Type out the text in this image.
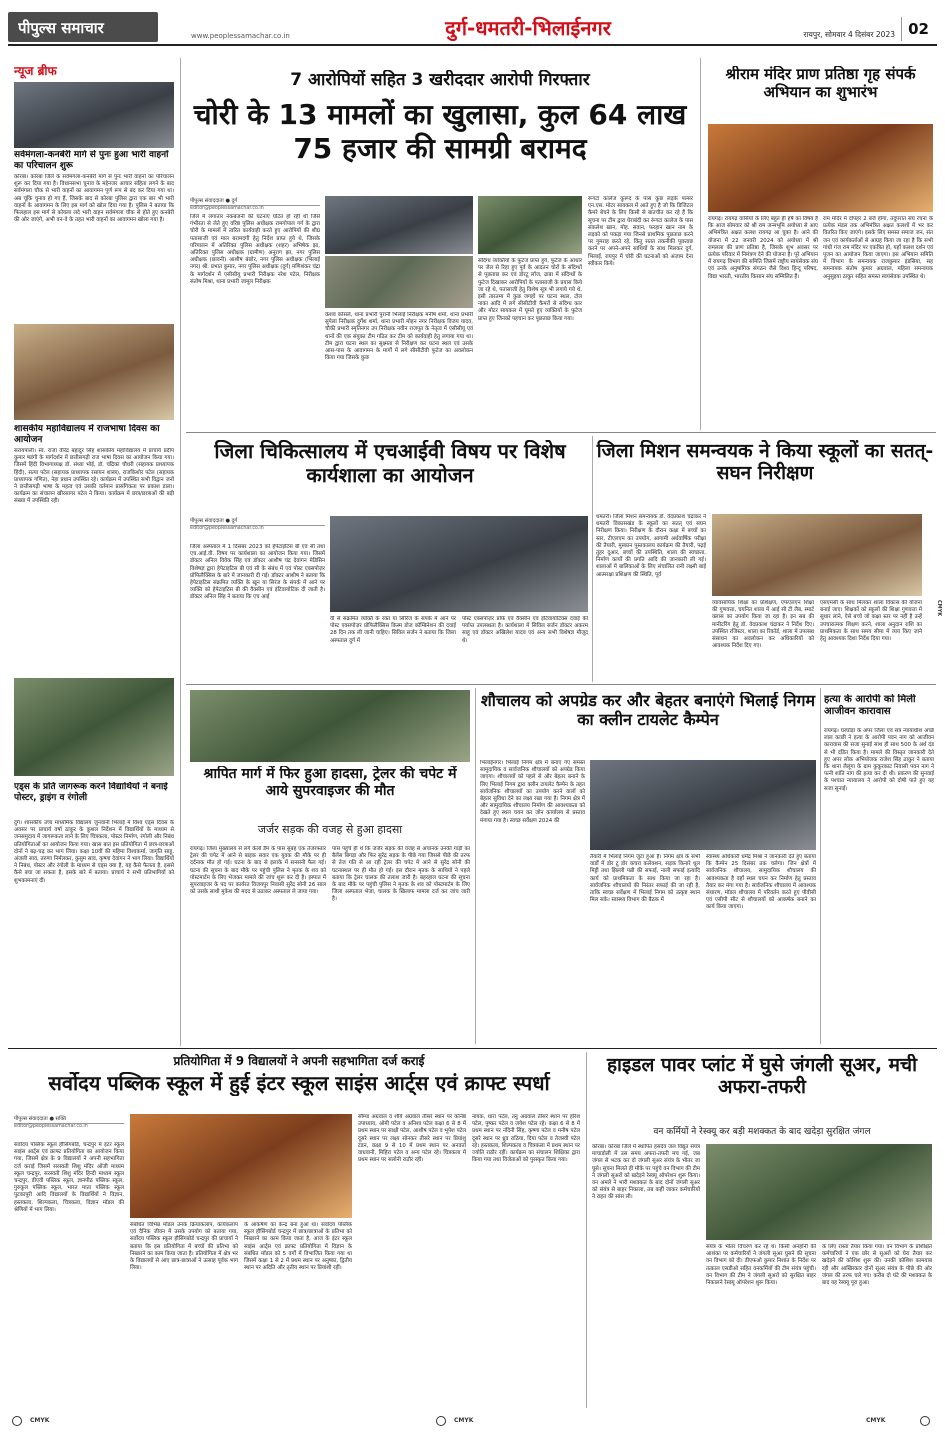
पीपुल्स समाचार	www.peoplessamachar.co.in	दुर्ग-धमतरी-भिलाईनगर	रायपुर, सोमवार 4 दिसंबर 2023 02
न्यूज ब्रीफ
सर्वमंगला-कनबेरी मार्ग से पुनः हुआ भारी वाहनों का परिचालन शुरू
कोरबा। कोरबा जिले के सर्वमंगला-कनबेरी मार्ग से पुनः भारी वाहनों का परिचालन शुरू कर दिया गया है। विधानसभा चुनाव के मद्देनजर आचार संहिता लगने के बाद सर्वमंगला चौक से भारी वाहनों का आवागमन पूर्ण रूप से बंद कर दिया गया था। अब चूंकि चुनाव हो गए हैं, जिसके बाद से कोरबा पुलिस द्वारा एक बार भी भारी वाहनों के आवागमन के लिए इस मार्ग को खोल दिया गया है। पुलिस ने बताया कि फिलहाल इस मार्ग से कोयला लदे भारी वाहन सर्वमंगला चौक से होते हुए कनबेरी की ओर जाएंगे, अभी वन-वे के तहत भारी वाहनों का आवागमन खोला गया है।
शासकीय महाविद्यालय में राजभाषा दिवस का आयोजन
सरायपाली। स्व. राजा वीरेंद्र बहादुर सिंह शासकीय महाविद्यालय में प्राचार्य प्रदीप कुमार षडंगी के मार्गदर्शन में छत्तीसगढ़ी राज भाषा दिवस का आयोजन किया गया। जिसमें हिंदी विभागाध्यक्ष डॉ. संध्या भोई, डॉ. चंद्रिका चौधरी (सहायक प्राध्यापक हिंदी), सत्या पटेल (सहायक प्राध्यापक रसायन शास्त्र), राजकिशोर पटेल (सहायक प्राध्यापक गणित), नेहा प्रधान उपस्थित रहे। कार्यक्रम में उपस्थित सभी विद्वान जनों ने छत्तीसगढ़ी भाषा के महत्व एवं उसकी वर्तमान प्रासंगिकता पर प्रकाश डाला। कार्यक्रम का संचालन खीरसागर पटेल ने किया। कार्यक्रम में छात्र/छात्राओं की बड़ी संख्या में उपस्थिति रही।
एड्स के प्रति जागरूक करने विद्यार्थियों ने बनाई पोस्टर, ड्राइंग व रंगोली
दुर्ग। शासकीय उच्च माध्यमिक विद्यालय जुनवानी भिलाई में विश्व एड्स दिवस के अवसर पर प्राचार्य वर्षा ठाकुर के कुशल निर्देशन में विद्यार्थियों के माध्यम से जनसमुदाय में जागरूकता लाने के लिए चित्रकला, पोस्टर निर्माण, रंगोली और निबंध प्रतियोगिताओं का आयोजन किया गया। खास बात इस प्रतियोगिता में छात्र-छात्राओं दोनों ने बढ़-चढ़ कर भाग लिया। कक्षा 10वीं की महिमा विश्वकर्मा, जागृति साहू, अंजली साव, तरुणा निर्मलकर, कुसुम साव, कृष्णा देवांगन ने भाग लिया। विद्यार्थियों ने निबंध, पोस्टर और रंगोली के माध्यम से एड्स क्या है, यह कैसे फैलता है, इससे कैसे बचा जा सकता है, इसके बारे में बताया। प्राचार्य ने सभी प्रतिभागियों को शुभकामनाएं दीं।
7 आरोपियों सहित 3 खरीददार आरोपी गिरफ्तार
चोरी के 13 मामलों का खुलासा, कुल 64 लाख 75 हजार की सामग्री बरामद
पीपुल्स संवाददाता ● दुर्ग
editor@peoplessamachar.co.in
जिले में लगातार नकबजनी की घटनाएं घटित हो रही थी जिसे गंभीरता से लेते हुए वरिष्ठ पुलिस अधीक्षक रामगोपाल गर्ग के द्वारा चोरी के मामलों में त्वरित कार्यवाही करते हुए आरोपियों की शीघ्र पतासाजी एवं माल बरामदगी हेतु निर्देश प्राप्त हुये थे, जिसके परिपालन में अतिरिक्त पुलिस अधीक्षक (शहर) अभिषेक झा, अतिरिक्त पुलिस अधीक्षक (ग्रामीण) अनुराग झा, नगर पुलिस अधीक्षक (छावनी) आशीष बंछोर, नगर पुलिस अधीक्षक (भिलाई नगर) श्री. प्रभात कुमार, नगर पुलिस अधीक्षक (दुर्ग) मणिशंकर चंद्रा के मार्गदर्शन में एसीसीयू प्रभारी निरीक्षक नरेश पटेल, निरीक्षक संतोष मिश्रा, थाना प्रभारी जामुल निरीक्षक
केशव कोसले, थाना प्रभारी पुरानी भिलाई निरीक्षक मनीष शर्मा, थाना प्रभारी सुपेला निरीक्षक दुर्गेश शर्मा, थाना प्रभारी मोहन नगर निरीक्षक विजय यादव, चौकी प्रभारी स्मृतिनगर उप निरीक्षक नवीन राजपूत के नेतृत्व में एसीसीयू एवं थानों की एक संयुक्त टीम गठित कर टीम को कार्यवाही हेतु लगाया गया था। टीम द्वारा घटना स्थल का सूक्ष्मता से निरीक्षण कर घटना स्थल एवं उसके आस-पास के आवागमन के मार्गों में लगे सीसीटीवी फुटेज का अवलोकन किया गया जिसके कुछ
संदिग्ध व्यक्तियों के फुटेज प्राप्त हुये, फुटेज के आधार पर जेल से रिहा हुए पूर्व के आदतन चोरों के संदिग्धों से पूछताछ कर एवं डोरटू लॉज, ढाबा में संदिग्धों के फुटेज दिखाकर आरोपियों के पतासाजी के प्रयास किये जा रहे थे, पतासाजी हेतु विशेष सूत्र भी लगाये गये थे, इसी तारतम्य में कुछ जगहों पर घटना स्थल, टोल नाका आदि में लगे सीसीटीवी कैमरों से संदिग्ध कार और मोटर सायकल में घूमते हुए व्यक्तियों के फुटेज प्राप्त हुए जिनको पहचान कर पूछताछ किया गया।
रूंगटा कालेज कुरूद के पास कुछ लड़के पल्सर एन.एस. मोटर सायकल में आते हुए है जो कि डिजिटल कैमरे बेचने के लिए किसी से बातचीत कर रहे हैं कि सूचना पर टीम द्वारा घेराबंदी कर रूंगटा कालेज के पास संकलेश खान, मोह. सवान, फरहान खान नाम के लड़को को पकड़ा गया जिनसे प्राथमिक पूछताछ करने पर गुमराह करते रहे, किंतु सतत तकनीकी पूछताछ करने पर अपने-अपने साथियों के साथ मिलकर दुर्ग, भिलाई, रायपुर में चोरी की घटनाओं को अंजाम देना स्वीकार किये।
श्रीराम मंदिर प्राण प्रतिष्ठा गृह संपर्क अभियान का शुभारंभ
रायगढ़। रायगढ़ वासियों के लिए बहुत ही हर्ष का विषय है कि आज सोमवार को श्री राम जन्मभूमि अयोध्या से आए अभिमंत्रित अक्षत कलश रायगढ़ आ चुका है। आने की योजना में 22 जनवरी 2024 को अयोध्या में श्री रामलला की प्राण प्रतिष्ठा है, जिसके शुभ अवसर पर प्रत्येक परिवार में निमंत्रण देने की योजना है। पूरे अभियान में रायगढ़ विभाग की समिति जिसमें राष्ट्रीय स्वयंसेवक संघ एवं उनके अनुषांगिक संगठन जैसे विश्व हिन्दू परिषद, विद्या भारती, भारतीय किसान संघ सम्मिलित हैं।
राम मंदिर में दोपहर 2 बजे होगा, तदुपरांत संघ रचना के प्रत्येक मंडल तक अभिमंत्रित अक्षत कलशों में भर कर वितरित किए जाएंगे। इसके लिए समस्त समाज जन, संत जन एवं कार्यकर्ताओं से आग्रह किया जा रहा है कि सभी गांधी गंज राम मंदिर पर एकत्रित हो, यहाँ कलश दर्शन एवं पूजन का आयोजन किया जाएगा। इस अभियान समिति में विभाग के समन्वयक राजकुमार इंडसिया, सह समन्वयक संतोष कुमार अग्रवाल, महिला समन्वयक अनुसुइया ठाकुर सहित समस्त स्वयंसेवक उपस्थित थे।
जिला चिकित्सालय में एचआईवी विषय पर विशेष कार्यशाला का आयोजन
पीपुल्स संवाददाता ● दुर्ग
editor@peoplessamachar.co.in
जिला अस्पताल में 1 दिसंबर 2023 को हेपेटाइटिस बी एवं सी तथा एच.आई.वी. विषय पर कार्यशाला का आयोजन किया गया। जिसमें डॉक्टर अनिल विवेक सिंह एवं डॉक्टर आशीष चंद्र देवांगन मेडिसिन विशेषज्ञ द्वारा हेपेटाइटिस बी एवं सी के संबंध में एवं पोस्ट एक्सपोज़र प्रोफिलैक्सिस के बारे में जानकारी दी गई। डॉक्टर आशीष ने बताया कि हेपेटाइटिस संक्रमित व्यक्ति के खून या सिरंज के संपर्क में आने पर व्यक्ति को हेपेटाइटिस बी की वैक्सीन एवं इंटिवायोटिक दी जाती है। डॉक्टर अनिल सिंह ने बताया कि एच आई
वी से संक्रमित व्यक्ति के रक्त या सिरिंज के संपर्क में आने पर पोस्ट एक्सपोज़र प्रोफिलैक्सिस किस्म डोज कॉम्बिनेशन की दवाई 28 दिन तक ली जानी चाहिए। सिविल सर्जन ने बताया कि जिला अस्पताल दुर्ग में
पोस्ट एक्सपोज़र प्रोफ़े एवं वैक्सीन एवं इंटिवायोटिक्स दवाई की पर्याप्त उपलब्धता है। कार्यशाला में सिविल सर्जन डॉक्टर अकरम साहू एवं डॉक्टर अखिलेश यादव एवं अन्य सभी विशेषज्ञ मौजूद थे।
जिला मिशन समन्वयक ने किया स्कूलों का सतत्- सघन निरीक्षण
धमतरी। जिला मिशन समन्वयक डॉ. वेदप्रकाश चंद्राकर ने धमतरी विकासखंड के स्कूलों का सतत् एवं सघन निरीक्षण किया। निरीक्षण के दौरान कक्षा में बच्चों का स्तर, टीएलएम का उपयोग, आगामी अर्धवार्षिक परीक्षा की तैयारी, मुस्कान पुस्तकालय कार्यक्रम की तैयारी, पढ़ई तुंहर दुआर, बच्चों की उपस्थिति, शाला की स्वच्छता, निर्माण कार्यों की प्रगति आदि की जानकारी ली गई। शालाओं में बालिकाओं के लिए संचालित रानी लक्ष्मी बाई आत्मरक्षा प्रशिक्षण की स्थिति, पूर्व
व्यावसायिक शिक्षा का प्रशिक्षण, एफएलएन शिक्षा की गुणवत्ता, चयनित शाला में आई सी टी लैब, स्मार्ट क्लास का उपयोग किया जा रहा है। इन सब की मानीटरिंग हेतु डॉ. वेदप्रकाश चंद्राकर ने निर्देश दिए। उपस्थित रजिस्टर, शाला का रिकॉर्ड, शाला में उपलब्ध संसाधन का अवलोकन कर अधिकारियों को आवश्यक निर्देश दिए गए।
एसएमसी के साथ मिलकर शाला विकास की योजना बनाई जाए। शिक्षकों को स्कूलों की शिक्षा गुणवत्ता में सुधार लाने, ऐसे बच्चे जो कक्षा स्तर पर नहीं है उन्हें उपचारात्मक शिक्षण करने, शाला अनुदान राशि का प्राथमिकता के साथ समय सीमा में व्यय किए जाने हेतु आवश्यक दिशा निर्देश दिया गया।
CMYK
श्रापित मार्ग में फिर हुआ हादसा, ट्रेलर की चपेट में आये सुपरवाइजर की मौत
जर्जर सड़क की वजह से हुआ हादसा
रायगढ़। जिला मुख्यालय से लगे केलो डैम के पास सुबह एक तेजरफ्तार ट्रेलर की चपेट में आने से बाइक सवार एक युवक की मौके पर ही दर्दनाक मौत हो गई। घटना के बाद से इलाके में सनसनी फैल गई। घटना की सूचना के बाद मौके पर पहुंची पुलिस ने मृतक के शव को पोस्टमार्टम के लिए भेजकर मामले की जांच शुरू कर दी है। इस्पात में सुपरवाइजर के पद पर कार्यरत विजयपुर निवासी सुरेंद्र सोनी 26 साल को उसके साथी मुकेश की मदद से उठाकर अस्पताल ले जाया गया।
पास पहुंचे ही थे कि जर्जर सड़क की वजह से अचानक उनकी गाड़ी का बैलेंस बिगड़ा और फिर सुरेंद्र सड़क के पीछे गया जिससे पीछे की तरफ से तेज गति से आ रही ट्रेलर की चपेट में आने से सुरेंद्र सोनी की घटनास्थल पर ही मौत हो गई। इस दौरान मृतक के साथियों ने पहले बताया कि ट्रेलर चालक की तलाश जारी है। बहरहाल घटना की सूचना के बाद मौके पर पहुंची पुलिस ने मृतक के शव को पोस्टमार्टम के लिए जिला अस्पताल भेजा, चालक के खिलाफ मामला दर्ज कर जांच जारी है।
शौचालय को अपग्रेड कर और बेहतर बनाएंगे भिलाई निगम का क्लीन टायलेट कैम्पेन
भिलाईनगर। भिलाई निगम क्षेत्र में बनाए गए समस्त सामुदायिक व सार्वजनिक शौचालयों को अपग्रेड किया जाएगा। शौचालयों को पहले से और बेहतर बनाने के लिए भिलाई निगम द्वारा क्लीन टायलेट कैम्पेन के तहत सार्वजनिक शौचालयों का उपयोग करने वालों को बेहतर सुविधा देने का लक्ष्य रखा गया है। निगम क्षेत्र में और सामुदायिक शौचालय निर्माण की आवश्यकता को देखते हुए स्थल चयन कर जोन कार्यालय से प्रस्ताव मंगाया गया है। स्वच्छ सर्वेक्षण 2024 की
तैयारी में भिलाई निगम जुटा हुआ है। निगम क्षेत्र के सभी वार्डों में डोर टू डोर कचरा कलेक्शन, सड़क किनारे धूल मिट्टी तथा झिल्ली पन्नी की सफाई, नाली सफाई इत्यादि कार्य को प्राथमिकता के साथ किया जा रहा है। सार्वजनिक शौचालयों की निरंतर सफाई की जा रही है, ताकि स्वच्छ सर्वेक्षण में भिलाई निगम को उत्कृष्ट स्थान मिल सके। स्वास्थ्य विभाग की बैठक में
स्वास्थ्य अधिकारी धर्मेंद्र मिश्रा ने जानकारी देते हुए बताया कि कैम्पेन 25 दिसंबर तक चलेगा। जिन क्षेत्रों में सार्वजनिक शौचालय, सामुदायिक शौचालय की आवश्यकता है वहाँ स्थल चयन कर निर्माण हेतु प्रस्ताव तैयार कर मंगा गया है। सार्वजनिक शौचालय में आवश्यक संधारण, मॉडल शौचालय में परिवर्तन करते हुए पीवीसी एवं एसीपी सीट से शौचालयों को आकर्षक बनाने का कार्य किया जाएगा।
हत्या के आरोपी को मिली आजीवन कारावास
रायगढ़। घरघोड़ा के अपर जिला एवं सत्र न्यायाधीश अच्छे लाल काछी ने हत्या के आरोपी पवन नाग को आजीवन कारावास की सजा सुनाई साथ ही साथ 500 के अर्थ दंड से भी दंडित किया है। मामले की विस्तृत जानकारी देते हुए अपर लोक अभियोजक राजेश सिंह ठाकुर ने बताया कि थाना लैलूंगा के ग्राम कुकुरकाट निवासी पवन नाग ने पत्नी शांति नाग की हत्या कर दी थी। प्रकरण की सुनवाई के पश्चात न्यायालय ने आरोपी को दोषी पाते हुए यह सजा सुनाई।
प्रतियोगिता में 9 विद्यालयों ने अपनी सहभागिता दर्ज कराई
सर्वोदय पब्लिक स्कूल में हुई इंटर स्कूल साइंस आर्ट्स एवं क्राफ्ट स्पर्धा
पीपुल्स संवाददाता ● सक्ति
editor@peoplessamachar.co.in
सर्वोदय पब्लिक स्कूल हौसिंगबोर्ड, चन्द्रपुर में इंटर स्कूल साइंस आर्ट्स एवं क्राफ्ट प्रतियोगिता का आयोजन किया गया, जिसमें क्षेत्र के 9 विद्यालयों ने अपनी सहभागिता दर्ज कराई जिसमें सरस्वती शिशु मंदिर ओंजी माध्यम स्कूल चन्द्रपुर, सरस्वती शिशु मंदिर हिन्दी माध्यम स्कूल चन्द्रपुर, डीएवी पब्लिक स्कूल, ज्ञानपीठ पब्लिक स्कूल, गुरुकुल पब्लिक स्कूल, भारत माता पब्लिक स्कूल पुटकापुरी आदि विद्यालयों के विद्यार्थियों ने विज्ञान, हस्तकला, शिल्पकला, चित्रकला, विज्ञान मॉडल की श्रेणियों में भाग लिया।
संबंधित विभिन्न मॉडल उनके क्रियाकलाप, कार्यकलाप एवं दैनिक जीवन में उसके उपयोग को बताया गया, सर्वोदय पब्लिक स्कूल हौसिंगबोर्ड चन्द्रपुर की प्राचार्या ने बताया कि इस प्रतियोगिता में बच्चों की प्रतिभा को निखारने का काम किया जाता है। प्रतियोगिता में क्षेत्र भर के विद्यालयों से आए छात्र-छात्राओं ने उत्साह पूर्वक भाग लिया।
के आकर्षण का केन्द्र बना हुआ था। सर्वोदय पब्लिक स्कूल हौसिंगबोर्ड चन्द्रपुर में छात्र/छात्राओं के प्रतिभा को निखारने का काम किया जाता है, आज के इंटर स्कूल साइंस आर्ट्स एवं क्राफ्ट प्रतियोगिता में विज्ञान के संबंधित मॉडल को 5 वर्गों में विभाजित किया गया था जिसमें कक्षा 1 से 2 में प्रथम स्थान पर अनुष्का, द्वितीय स्थान पर अदिति और तृतीय स्थान पर प्रियांशी रहीं।
सौम्या अग्रवाल व शौर्य अग्रवाल तीसरे स्थान पर कनिष्ठ उपाध्याय, ओमी पटेल व अनिशा पटेल कक्षा 6 से 8 में प्रथम स्थान पर साक्षी पटेल, आशीष पटेल व भूपेश पटेल दूसरे स्थान पर लक्ष्य सोनकर तीसरे स्थान पर प्रियांशु टंडन, कक्षा 9 से 10 में प्रथम स्थान पर अनवर्ता वाधवानी, मिहिरा पटेल व अन्य पटेल रहे। चित्रकला में प्रथम स्थान पर सलोनी राठौर रहीं।
नायक, धारा पटेल, तनु अग्रवाल तीसरे स्थान पर हरिश पटेल, पुष्कर पटेल व जयेश पटेल रहे। कक्षा 6 से 8 में प्रथम स्थान पर नंदिनी सिंह, कृष्णा पटेल व मनीष पटेल दूसरे स्थान पर ध्रुव राठिया, दिया पटेल व तेजस्वी पटेल रहे। हस्तकला, शिल्पकला व चित्रकला में प्रथम स्थान पर ज्योति राठौर रहीं। कार्यक्रम का संचालन शिक्षिका द्वारा किया गया तथा विजेताओं को पुरस्कृत किया गया।
हाइडल पावर प्लांट में घुसे जंगली सूअर, मची अफरा-तफरी
वन कर्मियों ने रेस्क्यू कर बड़ी मशक्कत के बाद खदेड़ा सुरक्षित जंगल
कोरबा। कोरबा जिले में स्थापित हसदेव जल विद्युत संयंत्र माचाडोली में उस समय अफरा-तफरी मच गई, जब जंगल से भटक कर दो जंगली सूअर संयंत्र के भीतर जा घुसे। सूचना मिलते ही मौके पर पहुंचे वन विभाग की टीम ने जंगली सूअरों को खदेड़ने रेस्क्यू ऑपरेशन शुरू किया। वन अमले ने भारी मशक्कत के बाद दोनों जंगली सूअर को संयंत्र से बाहर निकाला, तब कहीं जाकर कर्मचारियों ने राहत की सांस ली।
संयंत्र के भीतर विचरण कर रहे थे। किसी अनहोनी की आशंका पर कर्मचारियों ने जंगली सूअर घुसने की सूचना वन विभाग को दी। डीएफओ कुमार निशांत के निर्देश पर तत्काल एसडीओ सहित वनकर्मियों की टीम संयंत्र पहुंची। वन विभाग की टीम ने जंगली सूअरों को सुरक्षित बाहर निकालने रेस्क्यू ऑपरेशन शुरू किया।
के लिए रास्ता तैयार किया गया। वन विभाग के प्रशिक्षित कर्मचारियों ने एक छोर से सूअरों को घेरा तैयार कर खदेड़ने की कोशिश शुरू की। उनकी कोशिश कामयाब रही और आखिरकार दोनों सूअर संयंत्र के पीछे की ओर जंगल की तरफ चले गए। करीब दो घंटे की मशक्कत के बाद यह रेस्क्यू पूरा हुआ।
CMYK	CMYK	CMYK
